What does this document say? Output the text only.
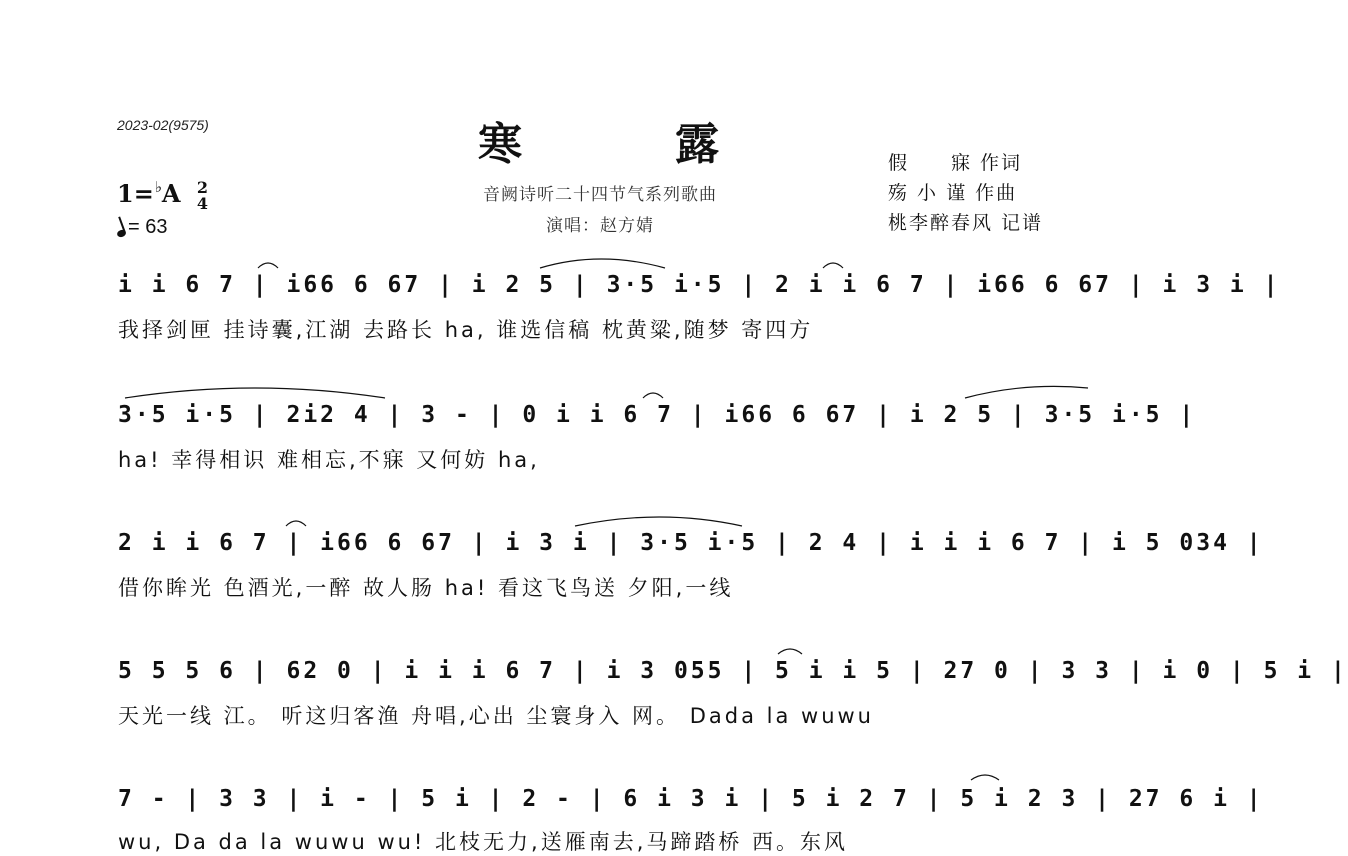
2023-02(9575)	寒	露
音阙诗听二十四节气系列歌曲
演唱：赵方婧
假　　寐 作词
殇 小 谨 作曲
桃李醉春风 记谱
1=♭A 2
4
= 63
i i 6 7 | i66 6 67 | i 2 5 | 3·5 i·5 | 2 i i 6 7 | i66 6 67 | i 3 i |
我择剑匣 挂诗囊,江湖 去路长 ha, 谁选信稿 枕黄粱,随梦 寄四方
3·5 i·5 | 2i2 4 | 3 - | 0 i i 6 7 | i66 6 67 | i 2 5 | 3·5 i·5 |
ha! 幸得相识 难相忘,不寐 又何妨 ha,
2 i i 6 7 | i66 6 67 | i 3 i | 3·5 i·5 | 2 4 | i i i 6 7 | i 5 034 |
借你眸光 色酒光,一醉 故人肠 ha! 看这飞鸟送 夕阳,一线
5 5 5 6 | 62 0 | i i i 6 7 | i 3 055 | 5 i i 5 | 27 0 | 3 3 | i 0 | 5 i |
天光一线 江。 听这归客渔 舟唱,心出 尘寰身入 网。 Dada la wuwu
7 - | 3 3 | i - | 5 i | 2 - | 6 i 3 i | 5 i 2 7 | 5 i 2 3 | 27 6 i |
wu, Da da la wuwu wu! 北枝无力,送雁南去,马蹄踏桥 西。东风
